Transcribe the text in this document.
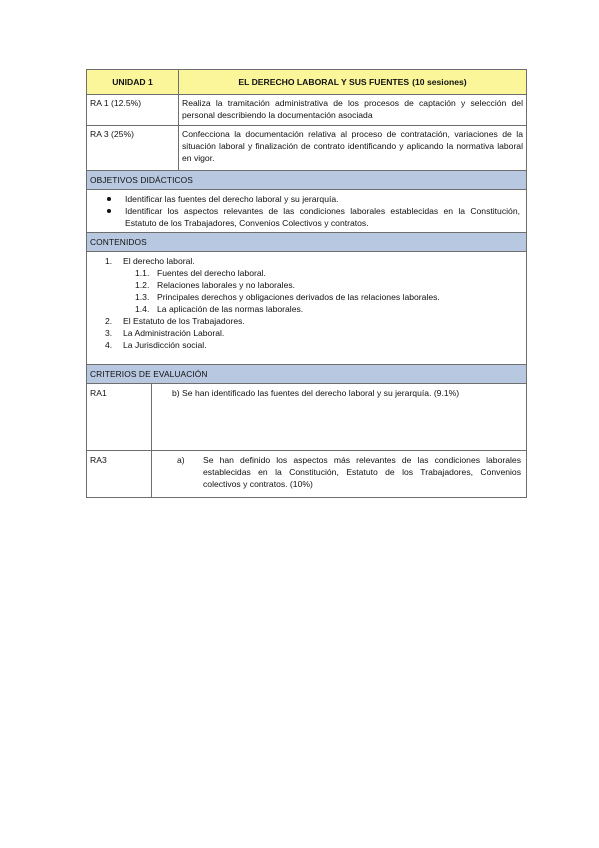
UNIDAD 1	EL DERECHO LABORAL Y SUS FUENTES (10 sesiones)
RA 1 (12.5%)	Realiza la tramitación administrativa de los procesos de captación y selección del personal describiendo la documentación asociada
RA 3 (25%)	Confecciona la documentación relativa al proceso de contratación, variaciones de la situación laboral y finalización de contrato identificando y aplicando la normativa laboral en vigor.
OBJETIVOS DIDÁCTICOS
Identificar las fuentes del derecho laboral y su jerarquía.
Identificar los aspectos relevantes de las condiciones laborales establecidas en la Constitución, Estatuto de los Trabajadores, Convenios Colectivos y contratos.
CONTENIDOS
1.	El derecho laboral.
1.1. Fuentes del derecho laboral.
1.2. Relaciones laborales y no laborales.
1.3. Principales derechos y obligaciones derivados de las relaciones laborales.
1.4. La aplicación de las normas laborales.
2.	El Estatuto de los Trabajadores.
3.	La Administración Laboral.
4.	La Jurisdicción social.
CRITERIOS DE EVALUACIÓN
RA1	b) Se han identificado las fuentes del derecho laboral y su jerarquía. (9.1%)
RA3	a)	Se han definido los aspectos más relevantes de las condiciones laborales establecidas en la Constitución, Estatuto de los Trabajadores, Convenios colectivos y contratos. (10%)
